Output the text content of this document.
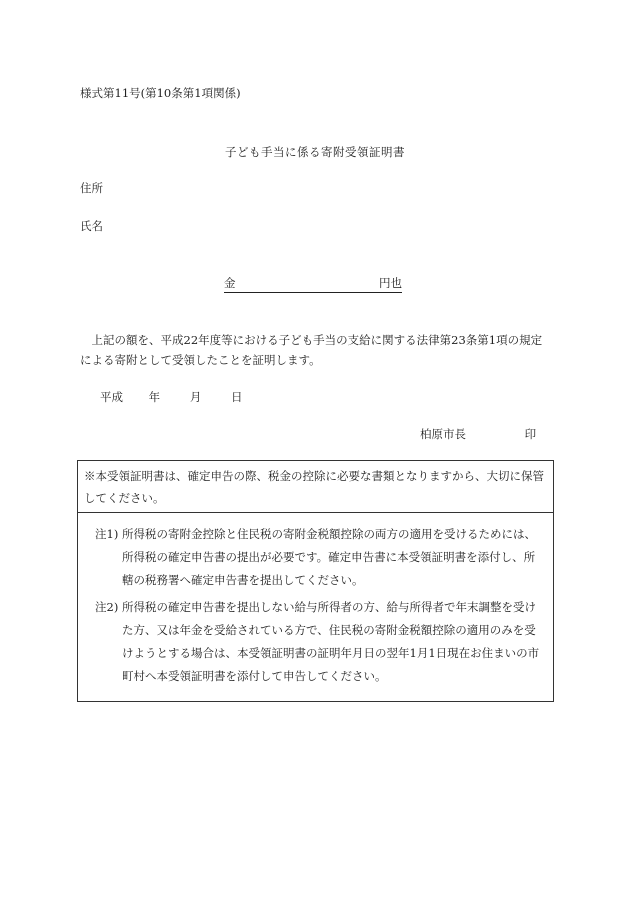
様式第11号(第10条第1項関係)
子ども手当に係る寄附受領証明書
住所
氏名
金	円也
上記の額を、平成22年度等における子ども手当の支給に関する法律第23条第1項の規定による寄附として受領したことを証明します。
平成 年	月	日
柏原市長	印
※本受領証明書は、確定申告の際、税金の控除に必要な書類となりますから、大切に保管してください。
注1) 所得税の寄附金控除と住民税の寄附金税額控除の両方の適用を受けるためには、所得税の確定申告書の提出が必要です。確定申告書に本受領証明書を添付し、所轄の税務署へ確定申告書を提出してください。
注2) 所得税の確定申告書を提出しない給与所得者の方、給与所得者で年末調整を受けた方、又は年金を受給されている方で、住民税の寄附金税額控除の適用のみを受けようとする場合は、本受領証明書の証明年月日の翌年1月1日現在お住まいの市町村へ本受領証明書を添付して申告してください。
